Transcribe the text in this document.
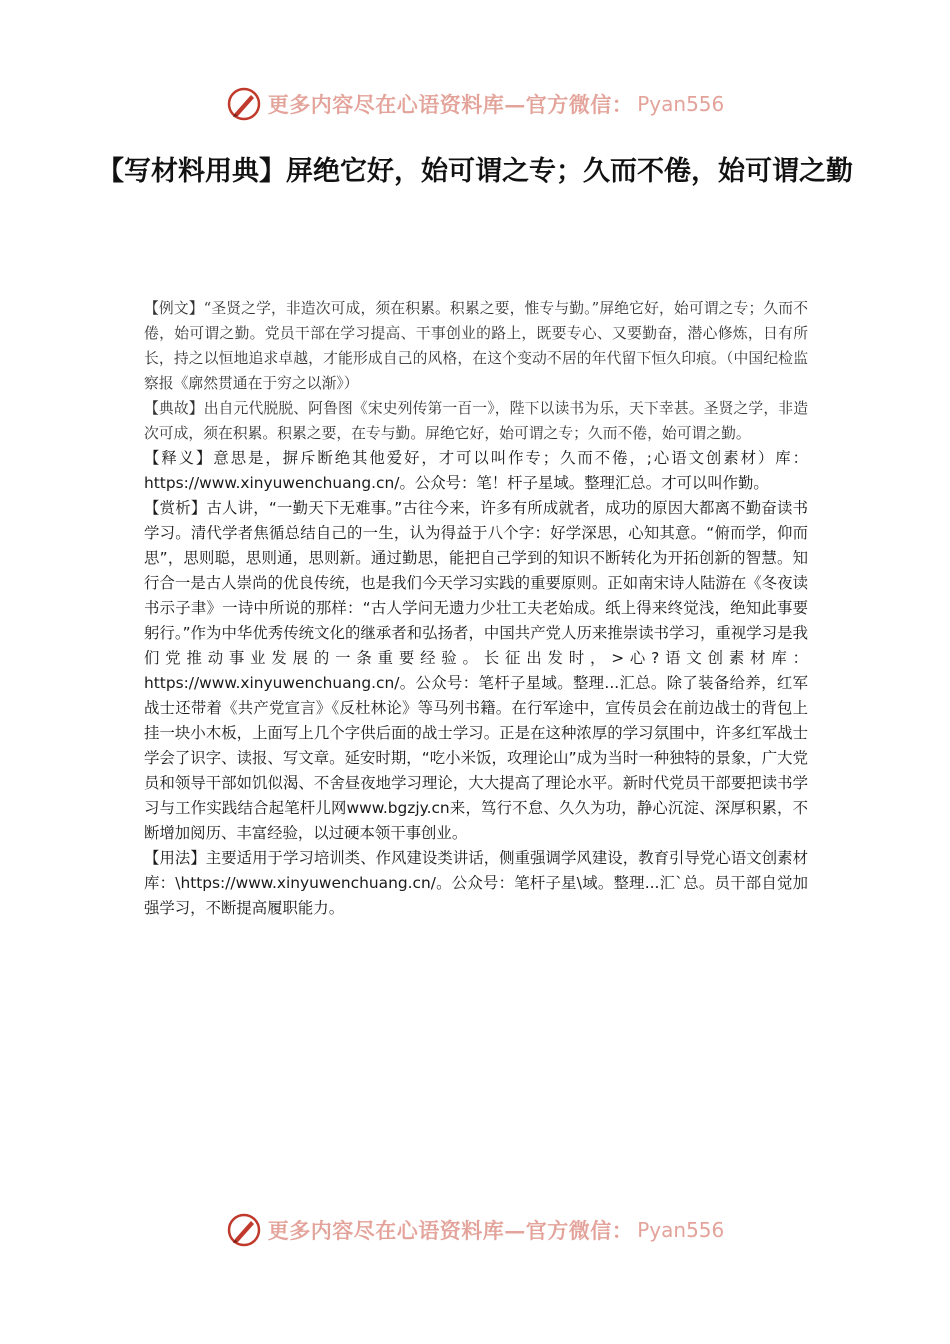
更多内容尽在心语资料库—官方微信： Pyan556
【写材料用典】屏绝它好，始可谓之专；久而不倦，始可谓之勤

【例文】“圣贤之学，非造次可成，须在积累。积累之要，惟专与勤。”屏绝它好，始可谓之专；久而不倦，始可谓之勤。党员干部在学习提高、干事创业的路上，既要专心、又要勤奋，潜心修炼，日有所长，持之以恒地追求卓越，才能形成自己的风格，在这个变动不居的年代留下恒久印痕。（中国纪检监察报《廓然贯通在于穷之以渐》）

【典故】出自元代脱脱、阿鲁图《宋史列传第一百一》，陛下以读书为乐，天下幸甚。圣贤之学，非造次可成，须在积累。积累之要，在专与勤。屏绝它好，始可谓之专；久而不倦，始可谓之勤。

【释义】意思是，摒斥断绝其他爱好，才可以叫作专；久而不倦，;心语文创素材）库：https://www.xinyuwenchuang.cn/。公众号：笔！杆子星域。整理汇总。才可以叫作勤。

【赏析】古人讲，“一勤天下无难事。”古往今来，许多有所成就者，成功的原因大都离不勤奋读书学习。清代学者焦循总结自己的一生，认为得益于八个字：好学深思，心知其意。“俯而学，仰而思”，思则聪，思则通，思则新。通过勤思，能把自己学到的知识不断转化为开拓创新的智慧。知行合一是古人崇尚的优良传统，也是我们今天学习实践的重要原则。正如南宋诗人陆游在《冬夜读书示子聿》一诗中所说的那样：“古人学问无遗力少壮工夫老始成。纸上得来终觉浅，绝知此事要躬行。”作为中华优秀传统文化的继承者和弘扬者，中国共产党人历来推崇读书学习，重视学习是我们党推动事业发展的一条重要经验。长征出发时，>心?语文创素材库：https://www.xinyuwenchuang.cn/。公众号：笔杆子星域。整理...汇总。除了装备给养，红军战士还带着《共产党宣言》《反杜林论》等马列书籍。在行军途中，宣传员会在前边战士的背包上挂一块小木板，上面写上几个字供后面的战士学习。正是在这种浓厚的学习氛围中，许多红军战士学会了识字、读报、写文章。延安时期，“吃小米饭，攻理论山”成为当时一种独特的景象，广大党员和领导干部如饥似渴、不舍昼夜地学习理论，大大提高了理论水平。新时代党员干部要把读书学习与工作实践结合起笔杆儿网www.bgzjy.cn来，笃行不怠、久久为功，静心沉淀、深厚积累，不断增加阅历、丰富经验，以过硬本领干事创业。

【用法】主要适用于学习培训类、作风建设类讲话，侧重强调学风建设，教育引导党心语文创素材库：\https://www.xinyuwenchuang.cn/。公众号：笔杆子星\域。整理...汇`总。员干部自觉加强学习，不断提高履职能力。

更多内容尽在心语资料库—官方微信： Pyan556
